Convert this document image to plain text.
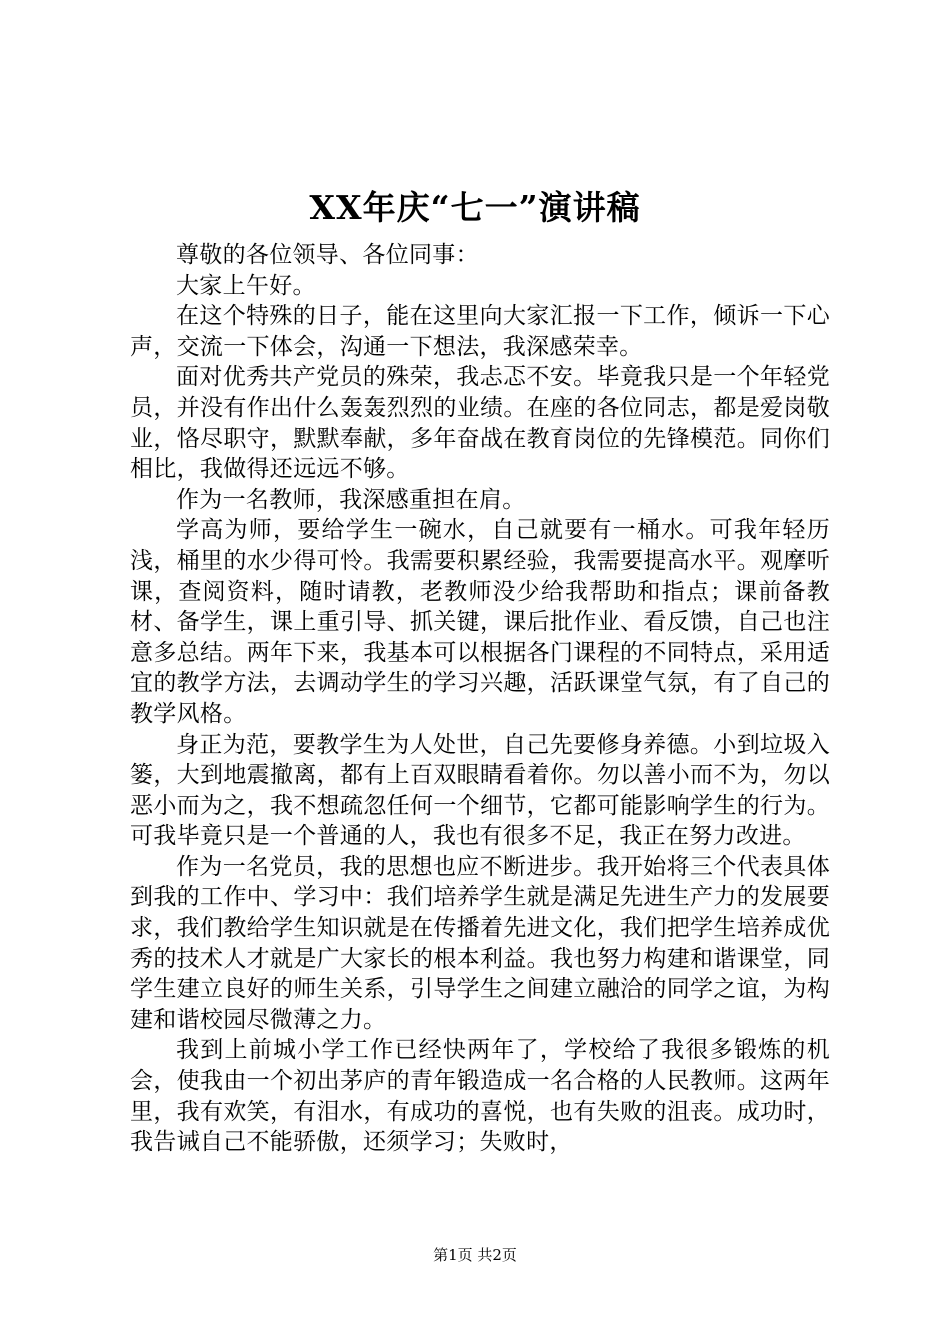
XX年庆“七一”演讲稿

尊敬的各位领导、各位同事：

大家上午好。

在这个特殊的日子，能在这里向大家汇报一下工作，倾诉一下心声，交流一下体会，沟通一下想法，我深感荣幸。

面对优秀共产党员的殊荣，我忐忑不安。毕竟我只是一个年轻党员，并没有作出什么轰轰烈烈的业绩。在座的各位同志，都是爱岗敬业，恪尽职守，默默奉献，多年奋战在教育岗位的先锋模范。同你们相比，我做得还远远不够。

作为一名教师，我深感重担在肩。

学高为师，要给学生一碗水，自己就要有一桶水。可我年轻历浅，桶里的水少得可怜。我需要积累经验，我需要提高水平。观摩听课，查阅资料，随时请教，老教师没少给我帮助和指点；课前备教材、备学生，课上重引导、抓关键，课后批作业、看反馈，自己也注意多总结。两年下来，我基本可以根据各门课程的不同特点，采用适宜的教学方法，去调动学生的学习兴趣，活跃课堂气氛，有了自己的教学风格。

身正为范，要教学生为人处世，自己先要修身养德。小到垃圾入篓，大到地震撤离，都有上百双眼睛看着你。勿以善小而不为，勿以恶小而为之，我不想疏忽任何一个细节，它都可能影响学生的行为。可我毕竟只是一个普通的人，我也有很多不足，我正在努力改进。

作为一名党员，我的思想也应不断进步。我开始将三个代表具体到我的工作中、学习中：我们培养学生就是满足先进生产力的发展要求，我们教给学生知识就是在传播着先进文化，我们把学生培养成优秀的技术人才就是广大家长的根本利益。我也努力构建和谐课堂，同学生建立良好的师生关系，引导学生之间建立融洽的同学之谊，为构建和谐校园尽微薄之力。

我到上前城小学工作已经快两年了，学校给了我很多锻炼的机会，使我由一个初出茅庐的青年锻造成一名合格的人民教师。这两年里，我有欢笑，有泪水，有成功的喜悦，也有失败的沮丧。成功时，我告诫自己不能骄傲，还须学习；失败时，

第1页 共2页
